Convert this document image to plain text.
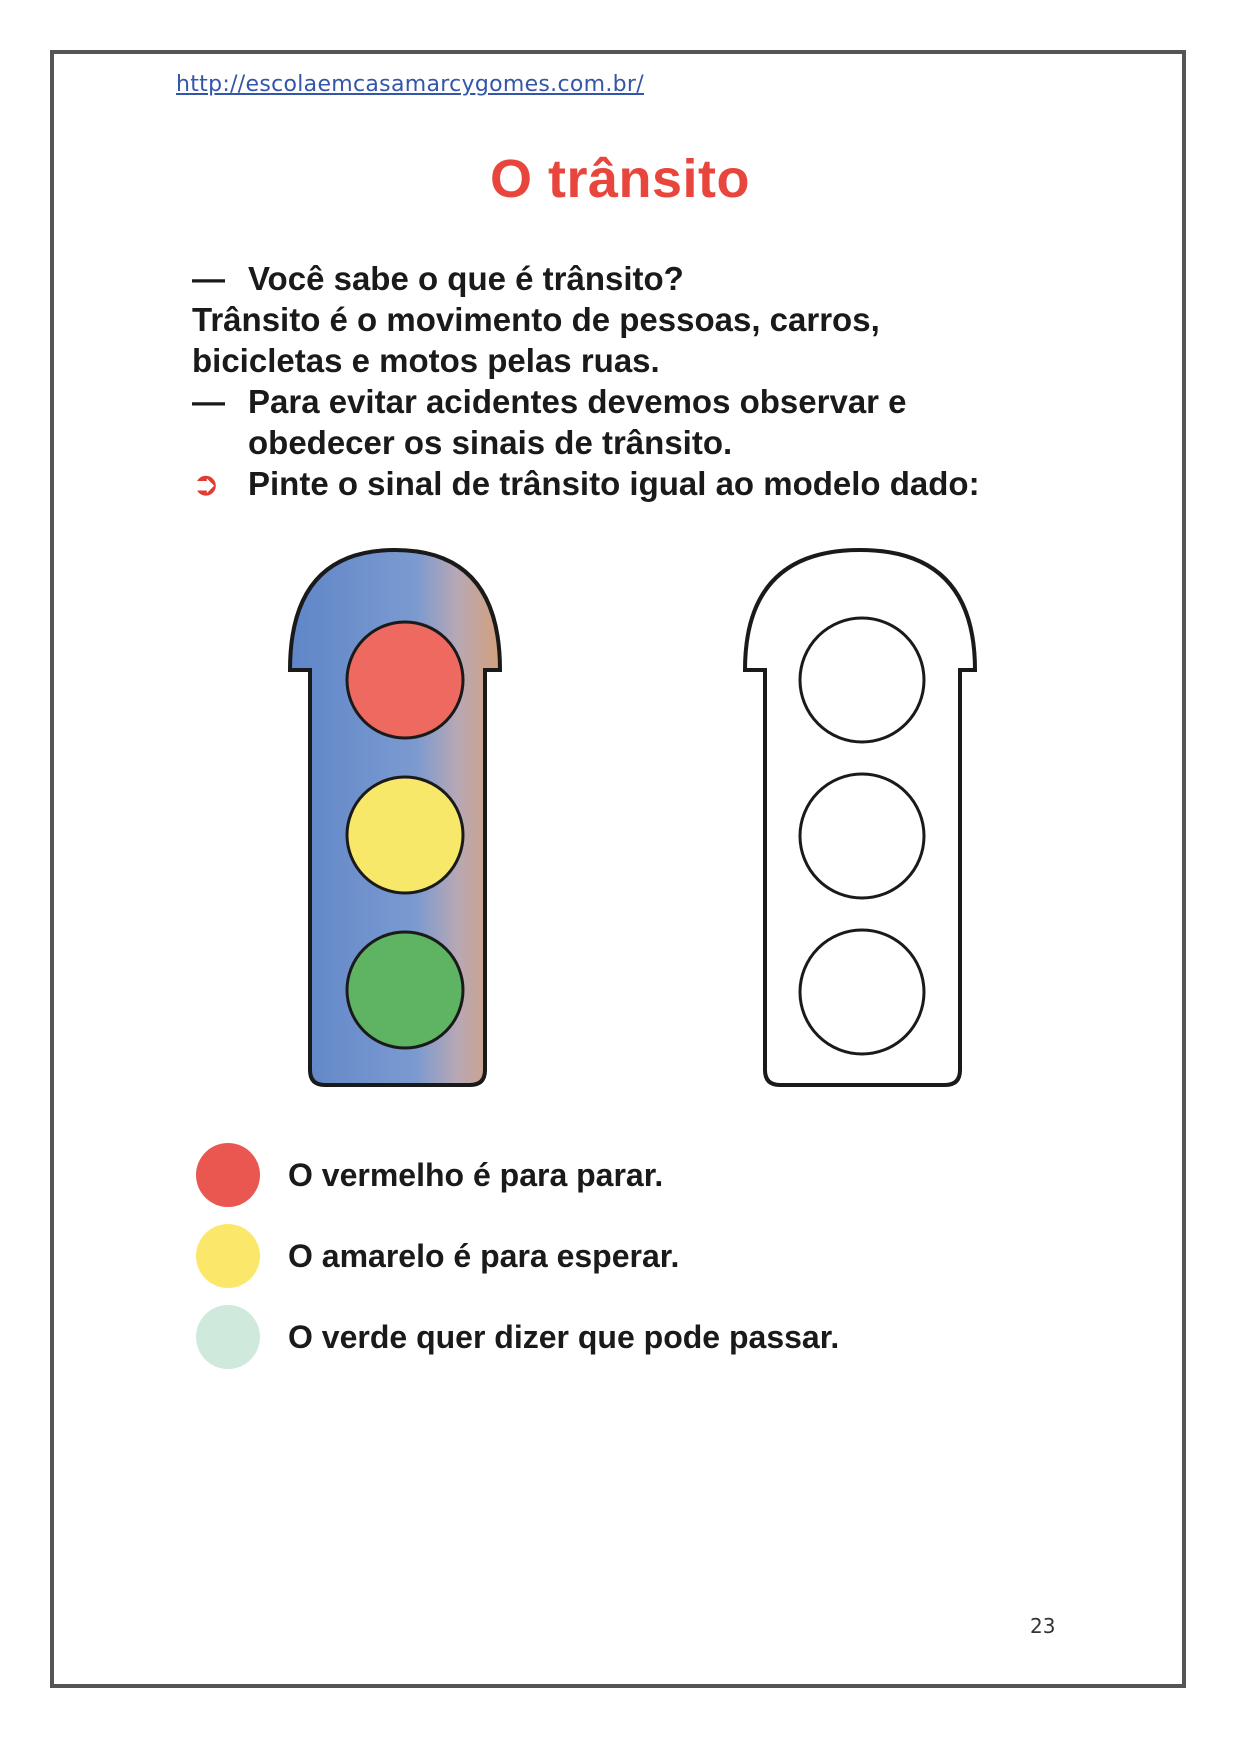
http://escolaemcasamarcygomes.com.br/
O trânsito
— Você sabe o que é trânsito?
Trânsito é o movimento de pessoas, carros,
bicicletas e motos pelas ruas.
— Para evitar acidentes devemos observar e
obedecer os sinais de trânsito.
➲ Pinte o sinal de trânsito igual ao modelo dado:
O vermelho é para parar.
O amarelo é para esperar.
O verde quer dizer que pode passar.
23
